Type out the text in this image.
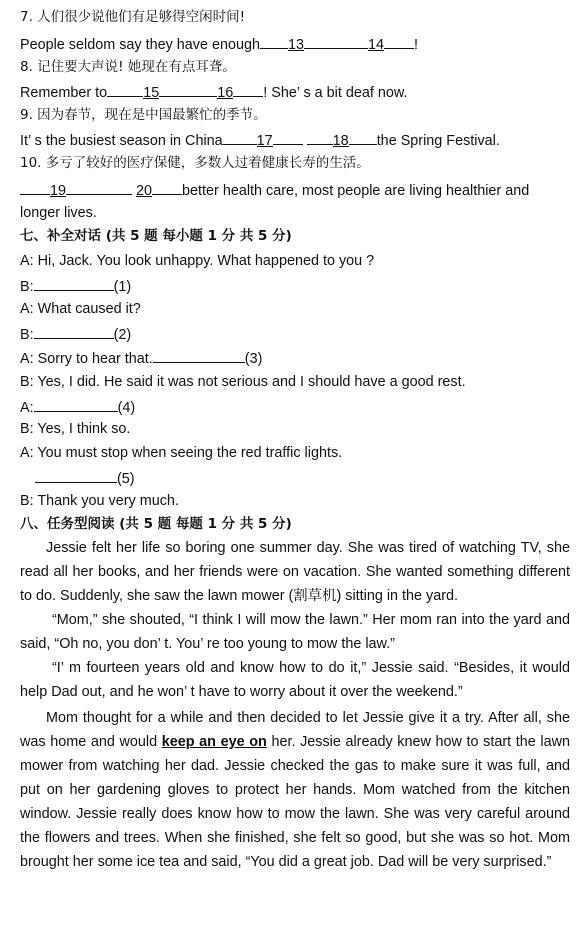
7. 人们很少说他们有足够得空闲时间!
People seldom say they have enough 13	14 !
8. 记住要大声说! 她现在有点耳聋。
Remember to	15	16 ! She’ s a bit deaf now.
9. 因为春节，现在是中国最繁忙的季节。
It’ s the busiest season in China 17	18 the Spring Festival.
10. 多亏了较好的医疗保健，多数人过着健康长寿的生活。
19	20 better health care, most people are living healthier and
longer lives.
七、补全对话 (共 5 题 每小题 1 分 共 5 分)
A: Hi, Jack. You look unhappy. What happened to you ?
B:	(1)
A: What caused it?
B:	(2)
A: Sorry to hear that.	(3)
B: Yes, I did. He said it was not serious and I should have a good rest.
A:	(4)
B: Yes, I think so.
A: You must stop when seeing the red traffic lights.
(5)
B: Thank you very much.
八、任务型阅读 (共 5 题 每题 1 分 共 5 分)

Jessie felt her life so boring one summer day. She was tired of watching TV, she read all her books, and her friends were on vacation. She wanted something different to do. Suddenly, she saw the lawn mower (割草机) sitting in the yard.

“Mom,” she shouted, “I think I will mow the lawn.” Her mom ran into the yard and said, “Oh no, you don’ t. You’ re too young to mow the law.”

“I’ m fourteen years old and know how to do it,” Jessie said. “Besides, it would help Dad out, and he won’ t have to worry about it over the weekend.”

Mom thought for a while and then decided to let Jessie give it a try. After all, she was home and would keep an eye on her. Jessie already knew how to start the lawn mower from watching her dad. Jessie checked the gas to make sure it was full, and put on her gardening gloves to protect her hands. Mom watched from the kitchen window. Jessie really does know how to mow the lawn. She was very careful around the flowers and trees. When she finished, she felt so good, but she was so hot. Mom brought her some ice tea and said, “You did a great job. Dad will be very surprised.”
